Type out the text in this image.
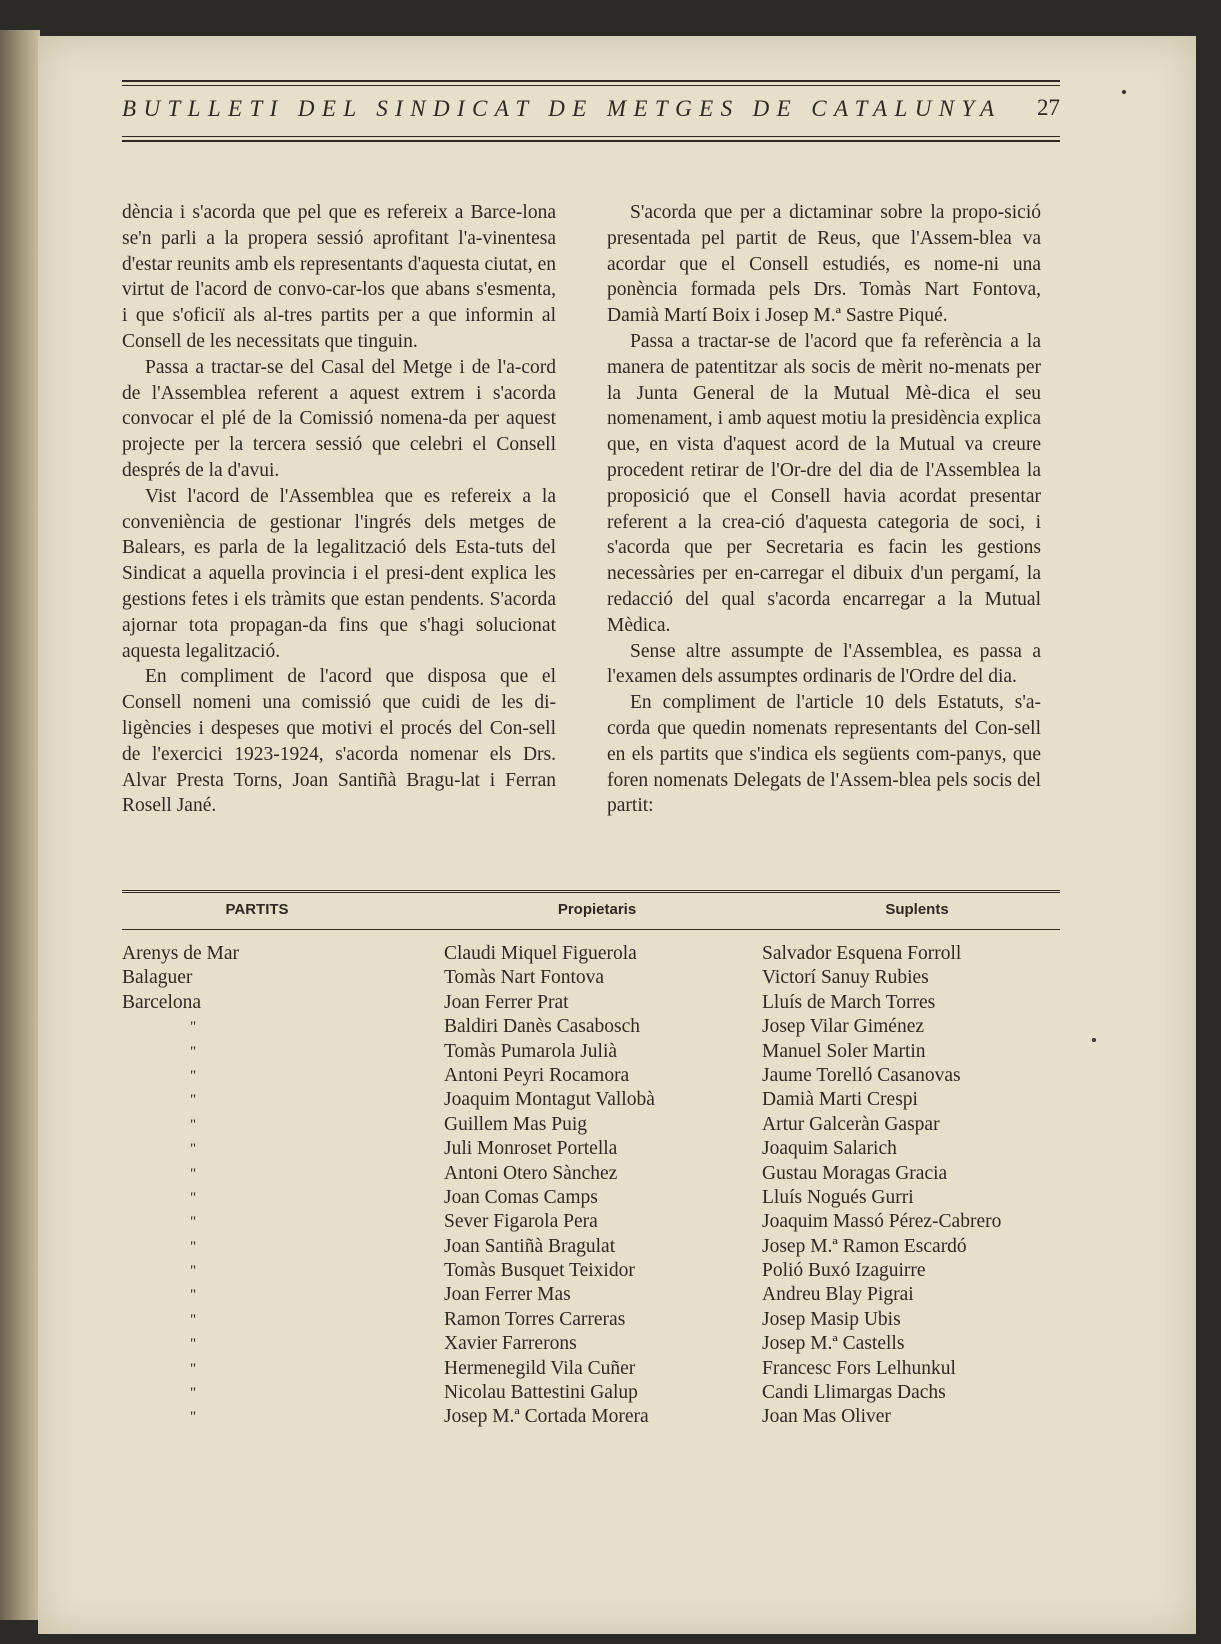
BUTLLETI DEL SINDICAT DE METGES DE CATALUNYA 27

dència i s'acorda que pel que es refereix a Barce-lona se'n parli a la propera sessió aprofitant l'a-vinentesa d'estar reunits amb els representants d'aquesta ciutat, en virtut de l'acord de convo-car-los que abans s'esmenta, i que s'oficiï als al-tres partits per a que informin al Consell de les necessitats que tinguin.

Passa a tractar-se del Casal del Metge i de l'a-cord de l'Assemblea referent a aquest extrem i s'acorda convocar el plé de la Comissió nomena-da per aquest projecte per la tercera sessió que celebri el Consell després de la d'avui.

Vist l'acord de l'Assemblea que es refereix a la conveniència de gestionar l'ingrés dels metges de Balears, es parla de la legalització dels Esta-tuts del Sindicat a aquella provincia i el presi-dent explica les gestions fetes i els tràmits que estan pendents. S'acorda ajornar tota propagan-da fins que s'hagi solucionat aquesta legalització.

En compliment de l'acord que disposa que el Consell nomeni una comissió que cuidi de les di-ligències i despeses que motivi el procés del Con-sell de l'exercici 1923-1924, s'acorda nomenar els Drs. Alvar Presta Torns, Joan Santiñà Bragu-lat i Ferran Rosell Jané.

S'acorda que per a dictaminar sobre la propo-sició presentada pel partit de Reus, que l'Assem-blea va acordar que el Consell estudiés, es nome-ni una ponència formada pels Drs. Tomàs Nart Fontova, Damià Martí Boix i Josep M.ª Sastre Piqué.

Passa a tractar-se de l'acord que fa referència a la manera de patentitzar als socis de mèrit no-menats per la Junta General de la Mutual Mè-dica el seu nomenament, i amb aquest motiu la presidència explica que, en vista d'aquest acord de la Mutual va creure procedent retirar de l'Or-dre del dia de l'Assemblea la proposició que el Consell havia acordat presentar referent a la crea-ció d'aquesta categoria de soci, i s'acorda que per Secretaria es facin les gestions necessàries per en-carregar el dibuix d'un pergamí, la redacció del qual s'acorda encarregar a la Mutual Mèdica.

Sense altre assumpte de l'Assemblea, es passa a l'examen dels assumptes ordinaris de l'Ordre del dia.

En compliment de l'article 10 dels Estatuts, s'a-corda que quedin nomenats representants del Con-sell en els partits que s'indica els següents com-panys, que foren nomenats Delegats de l'Assem-blea pels socis del partit:

PARTITS	Propietaris	Suplents
Arenys de Mar	Claudi Miquel Figuerola	Salvador Esquena Forroll
Balaguer	Tomàs Nart Fontova	Victorí Sanuy Rubies
Barcelona	Joan Ferrer Prat	Lluís de March Torres
"	Baldiri Danès Casabosch	Josep Vilar Giménez
"	Tomàs Pumarola Julià	Manuel Soler Martin
"	Antoni Peyri Rocamora	Jaume Torelló Casanovas
"	Joaquim Montagut Vallobà	Damià Marti Crespi
"	Guillem Mas Puig	Artur Galceràn Gaspar
"	Juli Monroset Portella	Joaquim Salarich
"	Antoni Otero Sànchez	Gustau Moragas Gracia
"	Joan Comas Camps	Lluís Nogués Gurri
"	Sever Figarola Pera	Joaquim Massó Pérez-Cabrero
"	Joan Santiñà Bragulat	Josep M.ª Ramon Escardó
"	Tomàs Busquet Teixidor	Polió Buxó Izaguirre
"	Joan Ferrer Mas	Andreu Blay Pigrai
"	Ramon Torres Carreras	Josep Masip Ubis
"	Xavier Farrerons	Josep M.ª Castells
"	Hermenegild Vila Cuñer	Francesc Fors Lelhunkul
"	Nicolau Battestini Galup	Candi Llimargas Dachs
"	Josep M.ª Cortada Morera	Joan Mas Oliver
